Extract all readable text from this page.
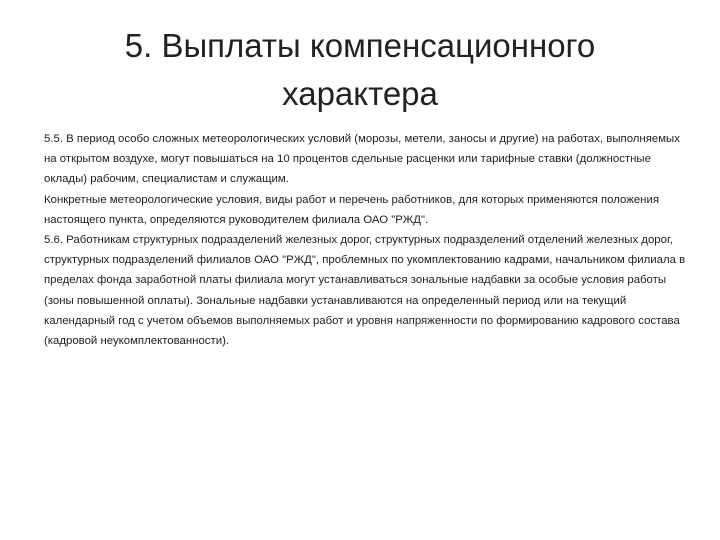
5. Выплаты компенсационного
характера

5.5. В период особо сложных метеорологических условий (морозы, метели, заносы и другие) на работах, выполняемых на открытом воздухе, могут повышаться на 10 процентов сдельные расценки или тарифные ставки (должностные оклады) рабочим, специалистам и служащим.

Конкретные метеорологические условия, виды работ и перечень работников, для которых применяются положения настоящего пункта, определяются руководителем филиала ОАО "РЖД".

5.6. Работникам структурных подразделений железных дорог, структурных подразделений отделений железных дорог, структурных подразделений филиалов ОАО "РЖД", проблемных по укомплектованию кадрами, начальником филиала в пределах фонда заработной платы филиала могут устанавливаться зональные надбавки за особые условия работы (зоны повышенной оплаты). Зональные надбавки устанавливаются на определенный период или на текущий календарный год с учетом объемов выполняемых работ и уровня напряженности по формированию кадрового состава (кадровой неукомплектованности).
